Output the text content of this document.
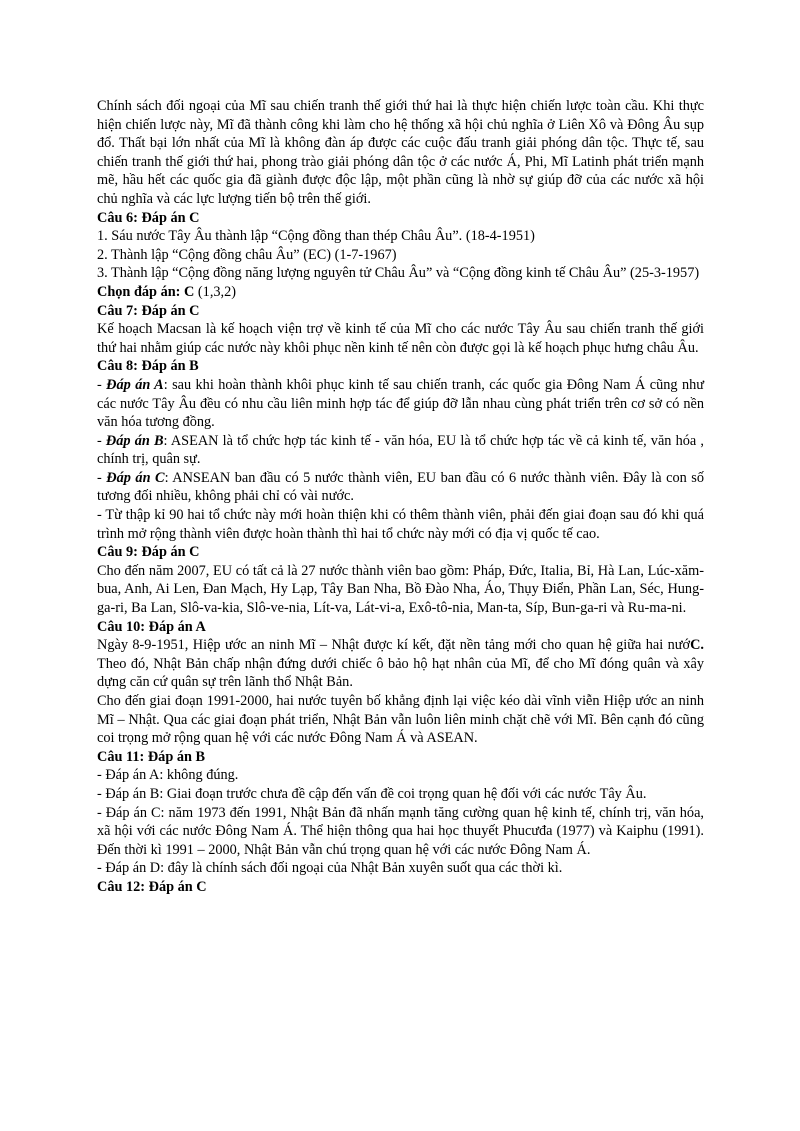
Chính sách đối ngoại của Mĩ sau chiến tranh thế giới thứ hai là thực hiện chiến lược toàn cầu. Khi thực hiện chiến lược này, Mĩ đã thành công khi làm cho hệ thống xã hội chủ nghĩa ở Liên Xô và Đông Âu sụp đổ. Thất bại lớn nhất của Mĩ là không đàn áp được các cuộc đấu tranh giải phóng dân tộc. Thực tế, sau chiến tranh thế giới thứ hai, phong trào giải phóng dân tộc ở các nước Á, Phi, Mĩ Latinh phát triển mạnh mẽ, hầu hết các quốc gia đã giành được độc lập, một phần cũng là nhờ sự giúp đỡ của các nước xã hội chủ nghĩa và các lực lượng tiến bộ trên thế giới.

Câu 6: Đáp án C

1. Sáu nước Tây Âu thành lập “Cộng đồng than thép Châu Âu”. (18-4-1951)

2. Thành lập “Cộng đồng châu Âu” (EC) (1-7-1967)

3. Thành lập “Cộng đồng năng lượng nguyên tử Châu Âu” và “Cộng đồng kinh tế Châu Âu” (25-3-1957)

Chọn đáp án: C (1,3,2)

Câu 7: Đáp án C

Kế hoạch Macsan là kế hoạch viện trợ về kinh tế của Mĩ cho các nước Tây Âu sau chiến tranh thế giới thứ hai nhằm giúp các nước này khôi phục nền kinh tế nên còn được gọi là kế hoạch phục hưng châu Âu.

Câu 8: Đáp án B

- Đáp án A: sau khi hoàn thành khôi phục kinh tế sau chiến tranh, các quốc gia Đông Nam Á cũng như các nước Tây Âu đều có nhu cầu liên minh hợp tác để giúp đỡ lẫn nhau cùng phát triển trên cơ sở có nền văn hóa tương đồng.

- Đáp án B: ASEAN là tổ chức hợp tác kinh tế - văn hóa, EU là tổ chức hợp tác về cả kinh tế, văn hóa , chính trị, quân sự.

- Đáp án C: ANSEAN ban đầu có 5 nước thành viên, EU ban đầu có 6 nước thành viên. Đây là con số tương đối nhiều, không phải chỉ có vài nước.

- Từ thập kỉ 90 hai tổ chức này mới hoàn thiện khi có thêm thành viên, phải đến giai đoạn sau đó khi quá trình mở rộng thành viên được hoàn thành thì hai tổ chức này mới có địa vị quốc tế cao.

Câu 9: Đáp án C

Cho đến năm 2007, EU có tất cả là 27 nước thành viên bao gồm: Pháp, Đức, Italia, Bỉ, Hà Lan, Lúc-xăm-bua, Anh, Ai Len, Đan Mạch, Hy Lạp, Tây Ban Nha, Bồ Đào Nha, Áo, Thụy Điển, Phần Lan, Séc, Hung-ga-ri, Ba Lan, Slô-va-kia, Slô-ve-nia, Lít-va, Lát-vi-a, Exô-tô-nia, Man-ta, Síp, Bun-ga-ri và Ru-ma-ni.

Câu 10: Đáp án A

Ngày 8-9-1951, Hiệp ước an ninh Mĩ – Nhật được kí kết, đặt nền tảng mới cho quan hệ giữa hai nướC. Theo đó, Nhật Bản chấp nhận đứng dưới chiếc ô bảo hộ hạt nhân của Mĩ, để cho Mĩ đóng quân và xây dựng căn cứ quân sự trên lãnh thổ Nhật Bản.

Cho đến giai đoạn 1991-2000, hai nước tuyên bố khẳng định lại việc kéo dài vĩnh viễn Hiệp ước an ninh Mĩ – Nhật. Qua các giai đoạn phát triển, Nhật Bản vẫn luôn liên minh chặt chẽ với Mĩ. Bên cạnh đó cũng coi trọng mở rộng quan hệ với các nước Đông Nam Á và ASEAN.

Câu 11: Đáp án B

- Đáp án A: không đúng.

- Đáp án B: Giai đoạn trước chưa đề cập đến vấn đề coi trọng quan hệ đối với các nước Tây Âu.

- Đáp án C: năm 1973 đến 1991, Nhật Bản đã nhấn mạnh tăng cường quan hệ kinh tế, chính trị, văn hóa, xã hội với các nước Đông Nam Á. Thể hiện thông qua hai học thuyết Phucưđa (1977) và Kaiphu (1991). Đến thời kì 1991 – 2000, Nhật Bản vẫn chú trọng quan hệ với các nước Đông Nam Á.

- Đáp án D: đây là chính sách đối ngoại của Nhật Bản xuyên suốt qua các thời kì.

Câu 12: Đáp án C
